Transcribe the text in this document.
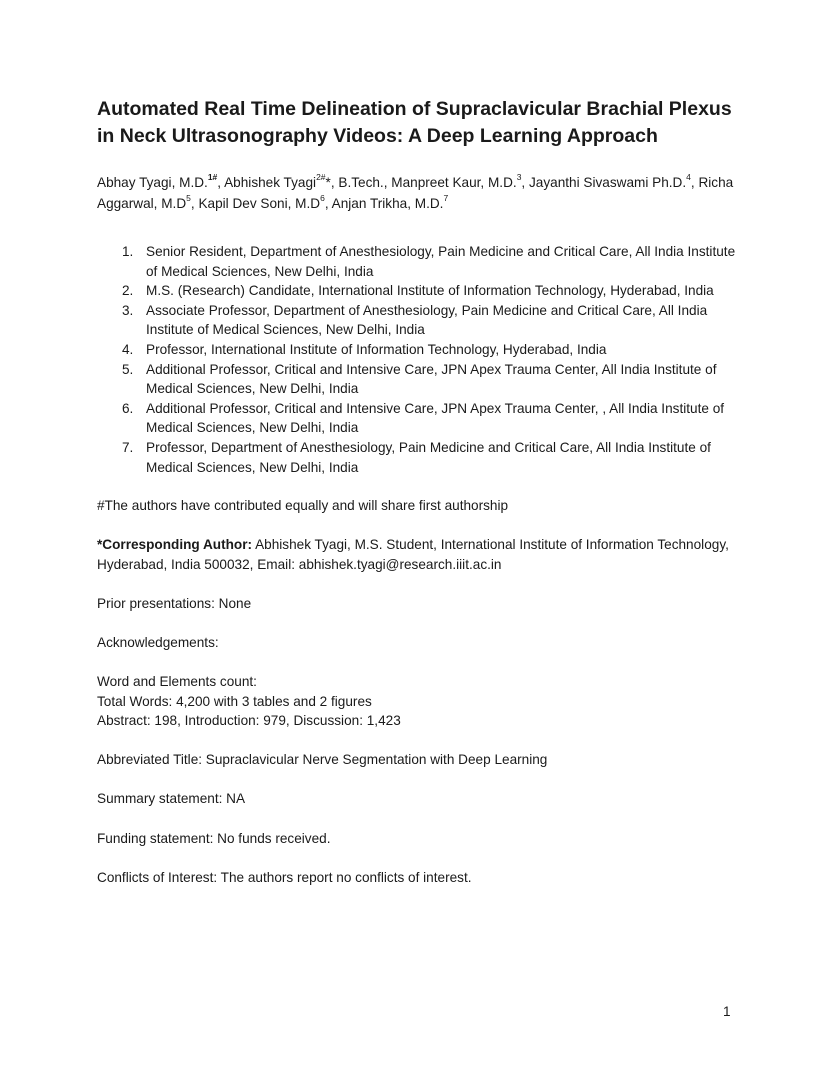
Automated Real Time Delineation of Supraclavicular Brachial Plexus in Neck Ultrasonography Videos: A Deep Learning Approach
Abhay Tyagi, M.D.$^{1\#}$, Abhishek Tyagi$^{2\#}$*, B.Tech., Manpreet Kaur, M.D.$^3$, Jayanthi Sivaswami Ph.D.$^4$, Richa Aggarwal, $M.D^5$, Kapil Dev Soni, $M.D^6$, Anjan Trikha, M.D.$^7$
1. Senior Resident, Department of Anesthesiology, Pain Medicine and Critical Care, All India Institute of Medical Sciences, New Delhi, India
2. M.S. (Research) Candidate, International Institute of Information Technology, Hyderabad, India
3. Associate Professor, Department of Anesthesiology, Pain Medicine and Critical Care, All India Institute of Medical Sciences, New Delhi, India
4. Professor, International Institute of Information Technology, Hyderabad, India
5. Additional Professor, Critical and Intensive Care, JPN Apex Trauma Center, All India Institute of Medical Sciences, New Delhi, India
6. Additional Professor, Critical and Intensive Care, JPN Apex Trauma Center, , All India Institute of Medical Sciences, New Delhi, India
7. Professor, Department of Anesthesiology, Pain Medicine and Critical Care, All India Institute of Medical Sciences, New Delhi, India

#The authors have contributed equally and will share first authorship

*Corresponding Author: Abhishek Tyagi, M.S. Student, International Institute of Information Technology, Hyderabad, India 500032, Email: abhishek.tyagi@research.iiit.ac.in

Prior presentations: None

Acknowledgements:

Word and Elements count:

Total Words: 4,200 with 3 tables and 2 figures

Abstract: 198, Introduction: 979, Discussion: 1,423

Abbreviated Title: Supraclavicular Nerve Segmentation with Deep Learning

Summary statement: NA

Funding statement: No funds received.

Conflicts of Interest: The authors report no conflicts of interest.

1
